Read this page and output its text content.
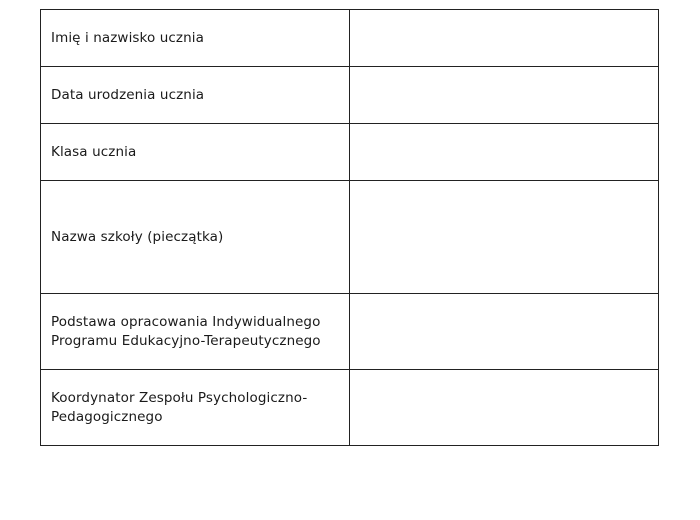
Imię i nazwisko ucznia	
Data urodzenia ucznia	
Klasa ucznia	
Nazwa szkoły (pieczątka)	
Podstawa opracowania Indywidualnego Programu Edukacyjno-Terapeutycznego	
Koordynator Zespołu Psychologiczno-Pedagogicznego	
